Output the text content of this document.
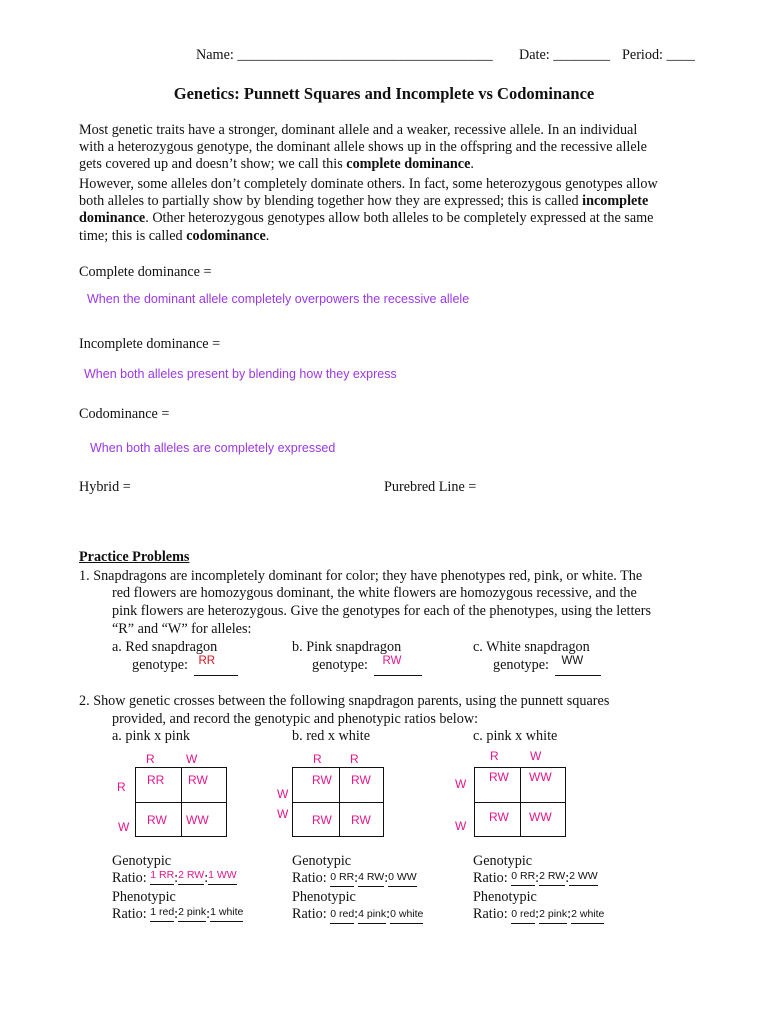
Name: ____________________________________ Date: ________ Period: ____
Genetics: Punnett Squares and Incomplete vs Codominance
Most genetic traits have a stronger, dominant allele and a weaker, recessive allele. In an individual
with a heterozygous genotype, the dominant allele shows up in the offspring and the recessive allele
gets covered up and doesn’t show; we call this complete dominance.
However, some alleles don’t completely dominate others. In fact, some heterozygous genotypes allow
both alleles to partially show by blending together how they are expressed; this is called incomplete
dominance. Other heterozygous genotypes allow both alleles to be completely expressed at the same
time; this is called codominance.
Complete dominance =
When the dominant allele completely overpowers the recessive allele
Incomplete dominance =
When both alleles present by blending how they express
Codominance =
When both alleles are completely expressed
Hybrid =	Purebred Line =
Practice Problems
1. Snapdragons are incompletely dominant for color; they have phenotypes red, pink, or white. The
red flowers are homozygous dominant, the white flowers are homozygous recessive, and the
pink flowers are heterozygous. Give the genotypes for each of the phenotypes, using the letters
“R” and “W” for alleles:
a. Red snapdragon	b. Pink snapdragon	c. White snapdragon
genotype: $^{RR}$	genotype: $^{RW}$	genotype: $^{WW}$
2. Show genetic crosses between the following snapdragon parents, using the punnett squares
provided, and record the genotypic and phenotypic ratios below:
a. pink x pink	b. red x white	c. pink x white
R	W
R
W
RR RW
RW WW
R R
W
W
RW RW
RW RW
R	W
W
W
RW WW
RW WW
Genotypic
Ratio: 1 RR:2 RW:1 WW
Phenotypic
Ratio: 1 red:2 pink:1 white
Genotypic
Ratio: 0 RR:4 RW:0 WW
Phenotypic
Ratio: 0 red:4 pink:0 white
Genotypic
Ratio: 0 RR:2 RW:2 WW
Phenotypic
Ratio: 0 red:2 pink:2 white
